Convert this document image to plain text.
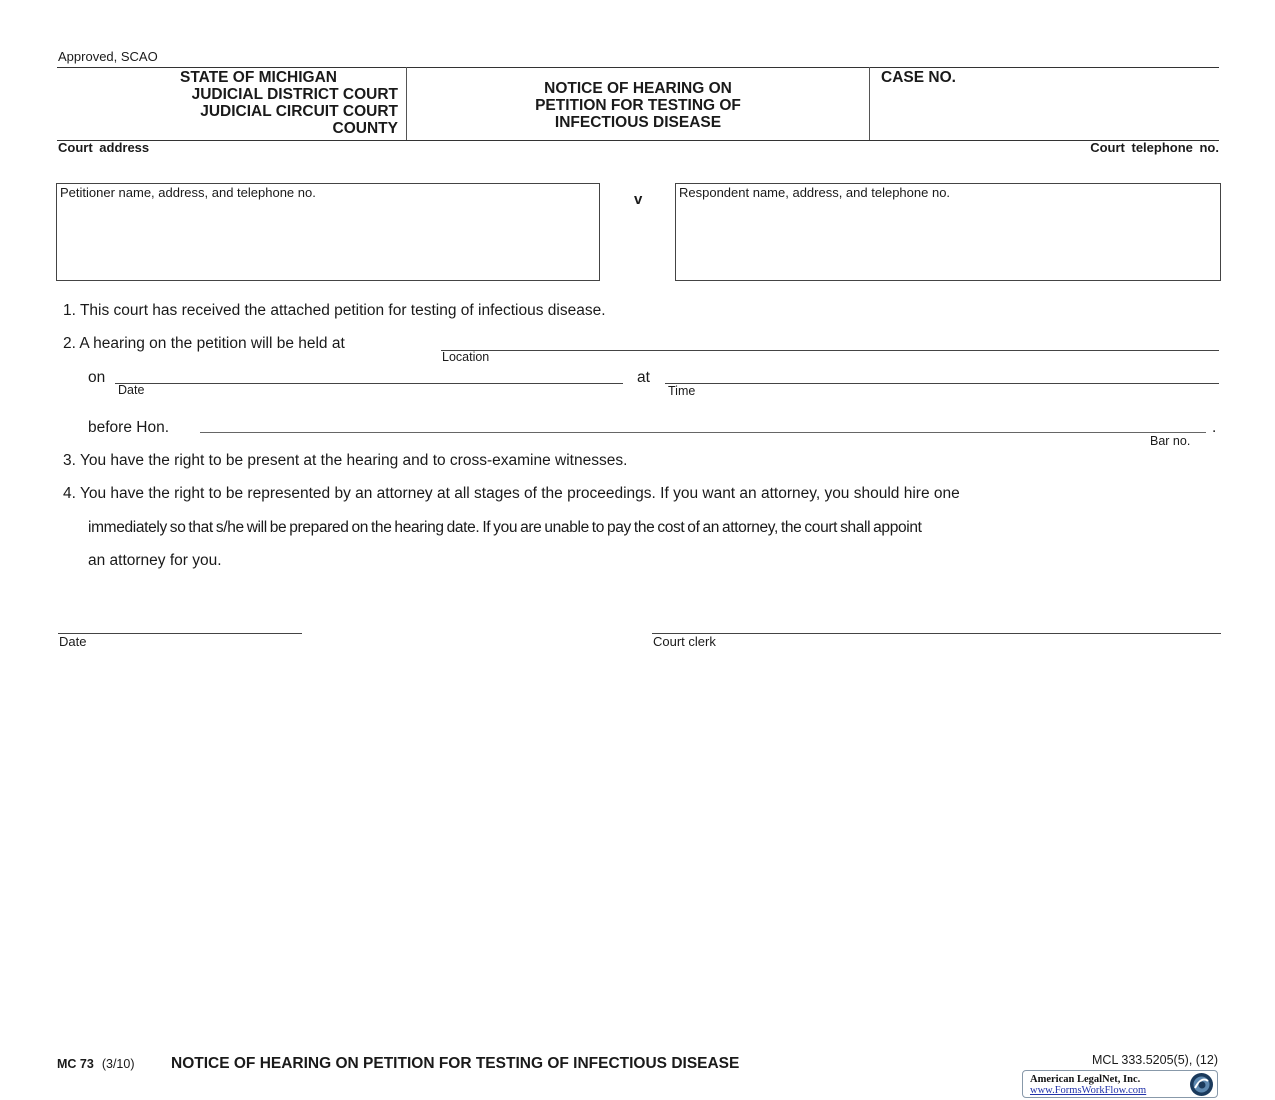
Approved, SCAO
STATE OF MICHIGAN
JUDICIAL DISTRICT COURT
JUDICIAL CIRCUIT COURT
COUNTY
NOTICE OF HEARING ON
PETITION FOR TESTING OF
INFECTIOUS DISEASE
CASE NO.
Court address	Court telephone no.
Petitioner name, address, and telephone no.	v	Respondent name, address, and telephone no.
1. This court has received the attached petition for testing of infectious disease.
2. A hearing on the petition will be held at
Location
on
Date
at
Time
before Hon.	.
Bar no.
3. You have the right to be present at the hearing and to cross-examine witnesses.
4. You have the right to be represented by an attorney at all stages of the proceedings. If you want an attorney, you should hire one
immediately so that s/he will be prepared on the hearing date. If you are unable to pay the cost of an attorney, the court shall appoint
an attorney for you.
Date	Court clerk
MC 73 (3/10) NOTICE OF HEARING ON PETITION FOR TESTING OF INFECTIOUS DISEASE	MCL 333.5205(5), (12)
American LegalNet, Inc.
www.FormsWorkFlow.com
